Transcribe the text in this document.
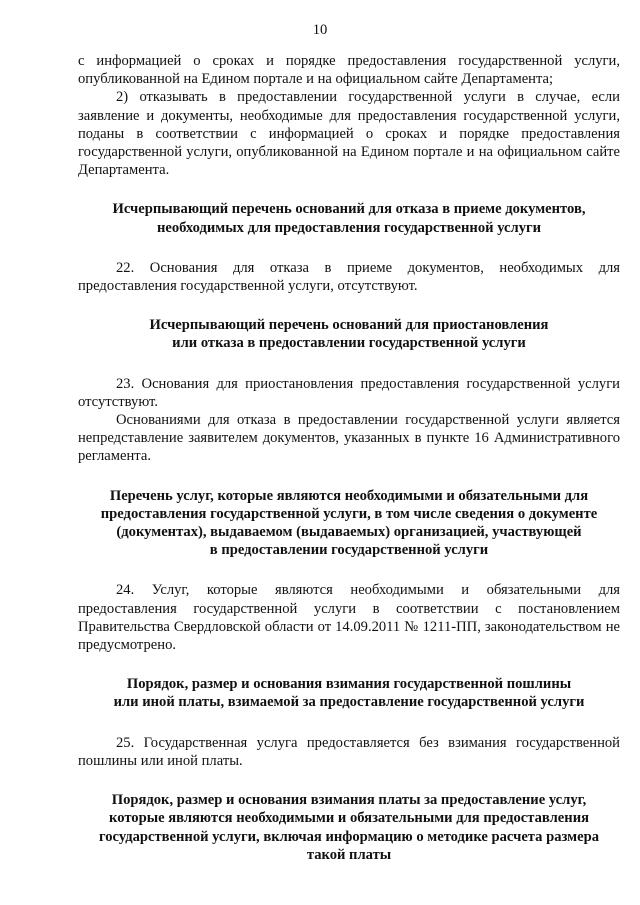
10

с информацией о сроках и порядке предоставления государственной услуги, опубликованной на Едином портале и на официальном сайте Департамента;

2) отказывать в предоставлении государственной услуги в случае, если заявление и документы, необходимые для предоставления государственной услуги, поданы в соответствии с информацией о сроках и порядке предоставления государственной услуги, опубликованной на Едином портале и на официальном сайте Департамента.

Исчерпывающий перечень оснований для отказа в приеме документов,
необходимых для предоставления государственной услуги

22. Основания для отказа в приеме документов, необходимых для предоставления государственной услуги, отсутствуют.

Исчерпывающий перечень оснований для приостановления
или отказа в предоставлении государственной услуги

23. Основания для приостановления предоставления государственной услуги отсутствуют.

Основаниями для отказа в предоставлении государственной услуги является непредставление заявителем документов, указанных в пункте 16 Административного регламента.

Перечень услуг, которые являются необходимыми и обязательными для
предоставления государственной услуги, в том числе сведения о документе
(документах), выдаваемом (выдаваемых) организацией, участвующей
в предоставлении государственной услуги

24. Услуг, которые являются необходимыми и обязательными для предоставления государственной услуги в соответствии с постановлением Правительства Свердловской области от 14.09.2011 № 1211-ПП, законодательством не предусмотрено.

Порядок, размер и основания взимания государственной пошлины
или иной платы, взимаемой за предоставление государственной услуги

25. Государственная услуга предоставляется без взимания государственной пошлины или иной платы.

Порядок, размер и основания взимания платы за предоставление услуг,
которые являются необходимыми и обязательными для предоставления
государственной услуги, включая информацию о методике расчета размера
такой платы
